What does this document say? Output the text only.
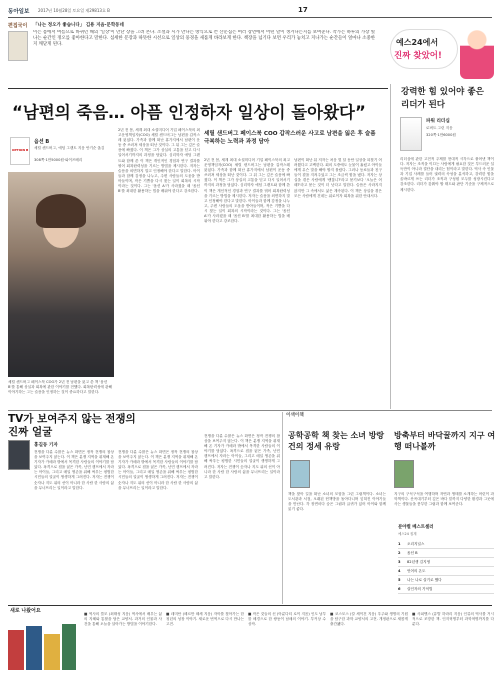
동아일보 2017년 10월28일 토요일 제29813호 B	17
예스24에서
진짜 찾았어!
편집국이 「나는 정오가 좋습니다」 김용 지음·문학동네
이는 봄에서 여름으로 바뀌던 해의 '일상'이 만난 장을 그려 본다. 소설과 시가 만나는 방식으로 쓴 산문집은 여러 장면에서 어떤 말이 생겨나는지를 보여준다. 작가는 하루의 가장 빛나는 순간인 정오를 좋아한다고 말한다. 섬세한 문장과 따뜻한 시선으로 일상의 풍경을 새롭게 바라보게 한다. 책장을 넘기다 보면 우리가 놓치고 지나가는 순간들이 얼마나 소중한지 깨닫게 된다.
“남편의 죽음… 아픔 인정하자 일상이 돌아왔다”
강력한 힘 있어야 좋은 리더가 된다
OPTION B
옵션 B
셰릴 샌드버그, 애덤 그랜트 지음 안기순 옮김
308쪽·1만5000원·와이즈베리
2년 전 봄, 세계 최대 소셜미디어 기업 페이스북의 최고운영책임자(COO) 셰릴 샌드버그는 남편을 갑작스레 잃었다. 가족과 함께 떠난 휴가지에서 남편이 운동 중 쓰러져 세상을 떠난 것이다. 그 뒤 그는 깊은 슬픔에 빠졌다. 이 책은 그가 상실의 고통을 딛고 다시 일어서기까지의 과정을 담았다. 심리학자 애덤 그랜트와 함께 쓴 이 책은 개인적인 경험과 연구 결과를 엮어 회복탄력성을 기르는 방법을 제시한다. 저자는 슬픔을 외면하지 말고 인정해야 한다고 말한다. 아이들과 함께 감정을 나누고, 주변 사람들의 도움을 받아들이며, 작은 기쁨을 다시 찾는 일이 회복의 시작이라는 것이다. 그는 '옵션 A'가 사라졌을 때 '옵션 B'를 최대한 활용하는 법을 배워야 한다고 강조한다.
셰릴 샌드버그 페이스북 COO 갑작스러운 사고로 남편을 잃은 후 슬픔 극복하는 노력과 과정 담아
2년 전 봄, 세계 최대 소셜미디어 기업 페이스북의 최고운영책임자(COO) 셰릴 샌드버그는 남편을 갑작스레 잃었다. 가족과 함께 떠난 휴가지에서 남편이 운동 중 쓰러져 세상을 떠난 것이다. 그 뒤 그는 깊은 슬픔에 빠졌다. 이 책은 그가 상실의 고통을 딛고 다시 일어서기까지의 과정을 담았다. 심리학자 애덤 그랜트와 함께 쓴 이 책은 개인적인 경험과 연구 결과를 엮어 회복탄력성을 기르는 방법을 제시한다. 저자는 슬픔을 외면하지 말고 인정해야 한다고 말한다. 아이들과 함께 감정을 나누고, 주변 사람들의 도움을 받아들이며, 작은 기쁨을 다시 찾는 일이 회복의 시작이라는 것이다. 그는 '옵션 A'가 사라졌을 때 '옵션 B'를 최대한 활용하는 법을 배워야 한다고 강조한다.
남편이 떠난 뒤 저자는 처음 몇 달 동안 일상을 되찾기 어려웠다고 고백한다. 회의 도중에도 눈물이 흘렀고 아이들에게 무슨 말을 해야 할지 몰랐다. 그러나 동료들과 친구들이 곁을 지켜주었고 그는 조금씩 힘을 냈다. 저자는 상실을 겪은 사람에게 '괜찮니?'라고 묻기보다 '오늘은 어때?'라고 묻는 것이 더 낫다고 말한다. 슬픔은 사라지지 않지만 그 속에서도 삶은 계속된다. 이 책은 상실을 겪은 모든 사람에게 건네는 위로이자 회복을 위한 안내서다.
셰릴 샌드버그 페이스북 COO가 2년 전 남편을 잃고 쓴 책 '옵션 B'를 통해 상실과 회복에 관한 이야기를 전했다. 회복탄력성에 관해 이야기하는 그는 슬픔을 인정하는 것이 중요하다고 말한다.
파워 리더십
로버트 그린 지음
320쪽·1만6000원
리더십에 관한 고전적 주제를 현대적 시각으로 풀어낸 책이다. 저자는 조직을 이끄는 사람에게 필요한 것은 부드러운 설득만이 아니라 결단을 내리는 힘이라고 말한다. 역사 속 인물과 기업 사례를 들어 권력의 속성을 분석하고, 강력한 힘을 올바르게 쓰는 리더가 조직과 구성원 모두를 성장시킨다고 강조한다. 리더가 갖춰야 할 태도와 판단 기준을 구체적으로 제시한다.
TV가 보여주지 않는 전쟁의 진짜 얼굴
홍길동 기자
전쟁을 다룬 수많은 뉴스 화면은 정작 전쟁의 참상을 보여주지 않는다. 이 책은 분쟁 지역을 취재해 온 기자가 카메라 밖에서 목격한 사람들의 이야기를 담았다. 폭격으로 집을 잃은 가족, 난민 캠프에서 자라는 아이들, 그리고 매일 생존을 위해 싸우는 평범한 시민들의 얼굴이 생생하게 그려진다. 저자는 전쟁이 숫자나 지도 위의 선이 아니라 한 사람 한 사람의 삶을 무너뜨리는 일이라고 말한다.
전쟁을 다룬 수많은 뉴스 화면은 정작 전쟁의 참상을 보여주지 않는다. 이 책은 분쟁 지역을 취재해 온 기자가 카메라 밖에서 목격한 사람들의 이야기를 담았다. 폭격으로 집을 잃은 가족, 난민 캠프에서 자라는 아이들, 그리고 매일 생존을 위해 싸우는 평범한 시민들의 얼굴이 생생하게 그려진다. 저자는 전쟁이 숫자나 지도 위의 선이 아니라 한 사람 한 사람의 삶을 무너뜨리는 일이라고 말한다.
전쟁을 다룬 수많은 뉴스 화면은 정작 전쟁의 참상을 보여주지 않는다. 이 책은 분쟁 지역을 취재해 온 기자가 카메라 밖에서 목격한 사람들의 이야기를 담았다. 폭격으로 집을 잃은 가족, 난민 캠프에서 자라는 아이들, 그리고 매일 생존을 위해 싸우는 평범한 시민들의 얼굴이 생생하게 그려진다. 저자는 전쟁이 숫자나 지도 위의 선이 아니라 한 사람 한 사람의 삶을 무너뜨리는 일이라고 말한다.
이색이책
공학공학 책 찾는 소녀 방랑건의 정세 유랑
책을 찾아 길을 떠난 소녀의 모험을 그린 그림책이다. 소녀는 도서관과 서점, 오래된 헌책방을 돌아다니며 잊혀진 이야기들을 만난다. 각 장면마다 숨은 그림과 글귀가 있어 아이와 함께 읽기 좋다.
방축부터 바닥꿀까지 지구 여행 떠나볼까
지구의 구석구석을 여행하며 자연과 생태를 소개하는 어린이 과학책이다. 산꼭대기부터 깊은 바다 밑까지 다양한 환경과 그곳에 사는 생물들을 풍부한 그림과 함께 보여준다.
분야별 베스트셀러
예스24 집계
1	오리지널스
2	옵션 B
3	82년생 김지영
4	언어의 온도
5	나는 나로 살기로 했다
6	살인자의 기억법
새로 나왔어요	■ 역사의 쓸모 (최태성 지음) 역사에서 배우는 삶의 지혜와 통찰을 담은 교양서. 과거의 인물과 사건을 통해 오늘을 살아가는 방법을 이야기한다.
■ 데미안 (헤르만 헤세 지음) 자아를 찾아가는 한 청년의 성장 이야기. 새로운 번역으로 다시 만나는 고전.
■ 작은 것들의 신 (아룬다티 로이 지음) 인도 남부를 배경으로 한 쌍둥이 남매의 이야기. 부커상 수상작.
■ 코스모스 (칼 세이건 지음) 우주와 생명의 기원을 탐구한 과학 교양서의 고전. 개정판으로 새롭게 출간됐다.
■ 사피엔스 (유발 하라리 지음) 인류의 역사를 거시적으로 조망한 책. 인지혁명부터 과학혁명까지를 다룬다.
